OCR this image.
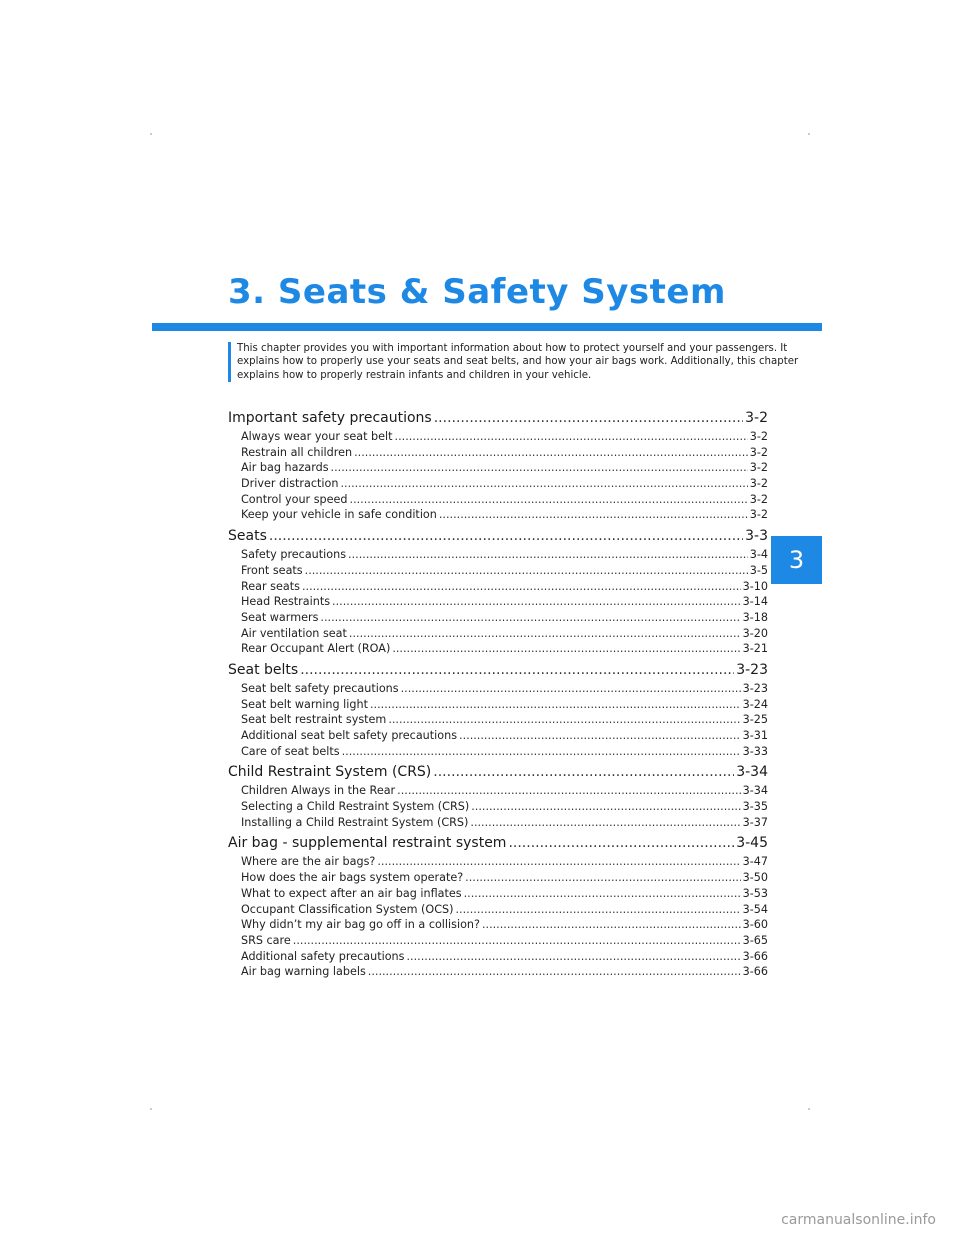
3. Seats & Safety System
This chapter provides you with important information about how to protect yourself and your passengers. It explains how to properly use your seats and seat belts, and how your air bags work. Additionally, this chapter explains how to properly restrain infants and children in your vehicle.
3
Important safety precautions .....	3-2
Always wear your seat belt .....	3-2
Restrain all children .....	3-2
Air bag hazards .....	3-2
Driver distraction .....	3-2
Control your speed .....	3-2
Keep your vehicle in safe condition .....	3-2
Seats .....	3-3
Safety precautions .....	3-4
Front seats .....	3-5
Rear seats .....	3-10
Head Restraints .....	3-14
Seat warmers .....	3-18
Air ventilation seat .....	3-20
Rear Occupant Alert (ROA) .....	3-21
Seat belts .....	3-23
Seat belt safety precautions .....	3-23
Seat belt warning light .....	3-24
Seat belt restraint system .....	3-25
Additional seat belt safety precautions .....	3-31
Care of seat belts .....	3-33
Child Restraint System (CRS) .....	3-34
Children Always in the Rear .....	3-34
Selecting a Child Restraint System (CRS) .....	3-35
Installing a Child Restraint System (CRS) .....	3-37
Air bag - supplemental restraint system .....	3-45
Where are the air bags? .....	3-47
How does the air bags system operate? .....	3-50
What to expect after an air bag inflates .....	3-53
Occupant Classification System (OCS) .....	3-54
Why didn’t my air bag go off in a collision? .....	3-60
SRS care .....	3-65
Additional safety precautions .....	3-66
Air bag warning labels .....	3-66
carmanualsonline.info
